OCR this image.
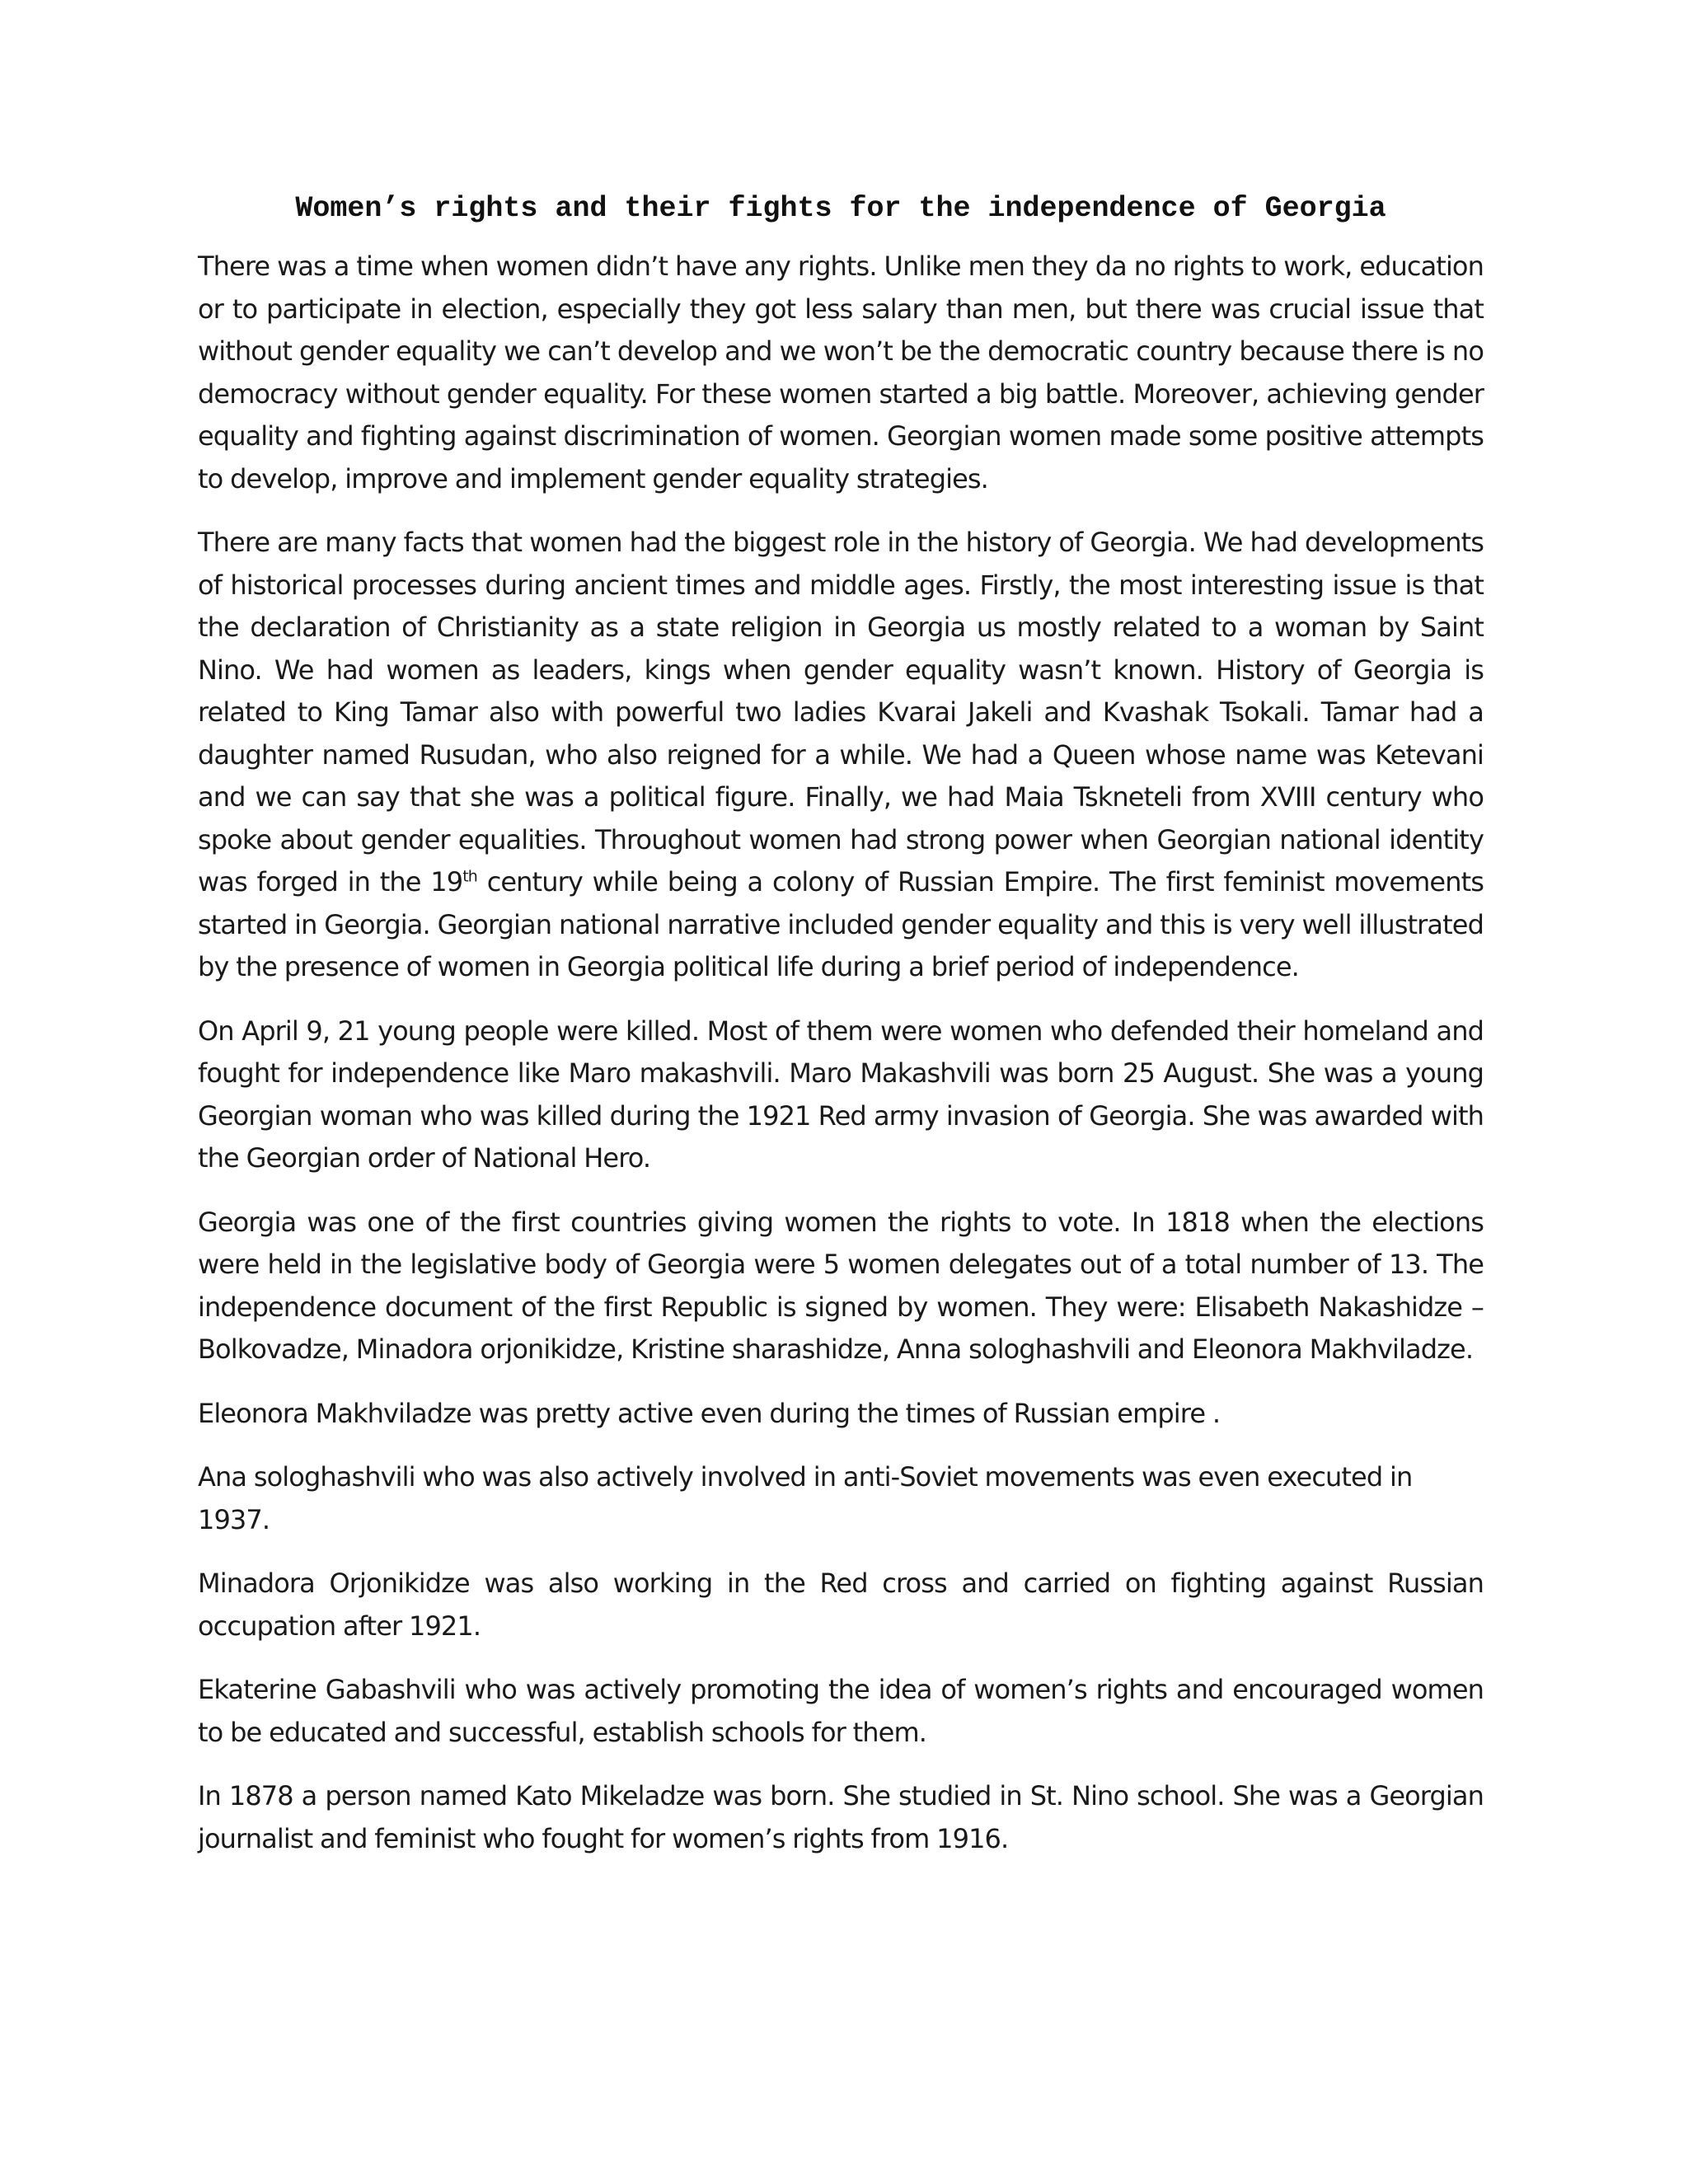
Women’s rights and their fights for the independence of Georgia

There was a time when women didn’t have any rights. Unlike men they da no rights to work, education or to participate in election, especially they got less salary than men, but there was crucial issue that without gender equality we can’t develop and we won’t be the democratic country because there is no democracy without gender equality. For these women started a big battle. Moreover, achieving gender equality and fighting against discrimination of women. Georgian women made some positive attempts to develop, improve and implement gender equality strategies.

There are many facts that women had the biggest role in the history of Georgia. We had developments of historical processes during ancient times and middle ages. Firstly, the most interesting issue is that the declaration of Christianity as a state religion in Georgia us mostly related to a woman by Saint Nino. We had women as leaders, kings when gender equality wasn’t known. History of Georgia is related to King Tamar also with powerful two ladies Kvarai Jakeli and Kvashak Tsokali. Tamar had a daughter named Rusudan, who also reigned for a while. We had a Queen whose name was Ketevani and we can say that she was a political figure. Finally, we had Maia Tskneteli from XVIII century who spoke about gender equalities. Throughout women had strong power when Georgian national identity was forged in the 19th century while being a colony of Russian Empire. The first feminist movements started in Georgia. Georgian national narrative included gender equality and this is very well illustrated by the presence of women in Georgia political life during a brief period of independence.

On April 9, 21 young people were killed. Most of them were women who defended their homeland and fought for independence like Maro makashvili. Maro Makashvili was born 25 August. She was a young Georgian woman who was killed during the 1921 Red army invasion of Georgia. She was awarded with the Georgian order of National Hero.

Georgia was one of the first countries giving women the rights to vote. In 1818 when the elections were held in the legislative body of Georgia were 5 women delegates out of a total number of 13. The independence document of the first Republic is signed by women. They were: Elisabeth Nakashidze – Bolkovadze, Minadora orjonikidze, Kristine sharashidze, Anna sologhashvili and Eleonora Makhviladze.

Eleonora Makhviladze was pretty active even during the times of Russian empire .

Ana sologhashvili who was also actively involved in anti-Soviet movements was even executed in 1937.

Minadora Orjonikidze was also working in the Red cross and carried on fighting against Russian occupation after 1921.

Ekaterine Gabashvili who was actively promoting the idea of women’s rights and encouraged women to be educated and successful, establish schools for them.

In 1878 a person named Kato Mikeladze was born. She studied in St. Nino school. She was a Georgian journalist and feminist who fought for women’s rights from 1916.
